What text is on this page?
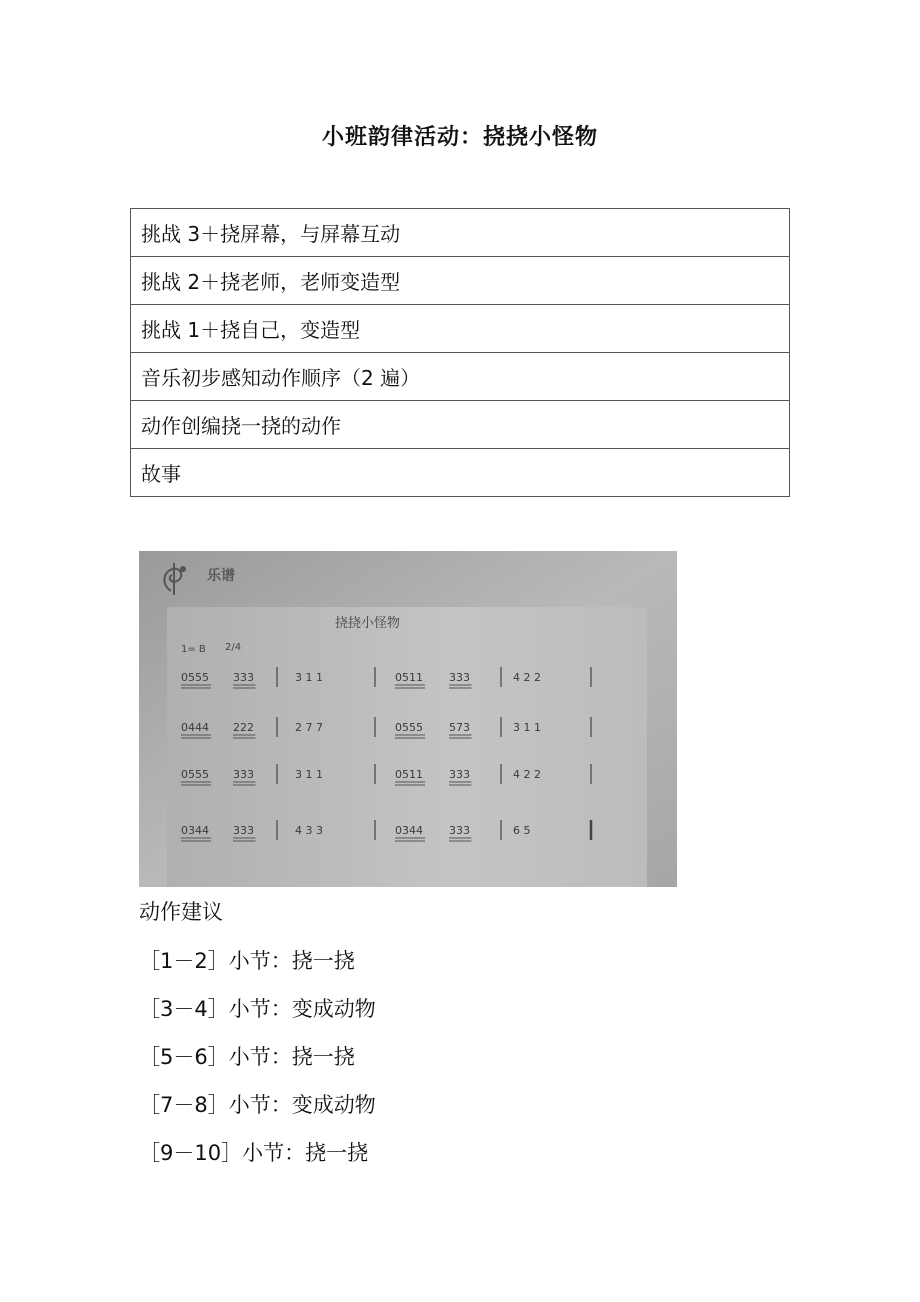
小班韵律活动：挠挠小怪物
挑战 3＋挠屏幕，与屏幕互动
挑战 2＋挠老师，老师变造型
挑战 1＋挠自己，变造型
音乐初步感知动作顺序（2 遍）
动作创编挠一挠的动作
故事
乐谱
挠挠小怪物
1= B 2/4
0555 333	3 1 1	0511 333	4 2 2
0444 222	2 7 7	0555 573	3 1 1
0555 333	3 1 1	0511 333	4 2 2
0344 333	4 3 3	0344 333	6 5
动作建议
［1－2］小节：挠一挠
［3－4］小节：变成动物
［5－6］小节：挠一挠
［7－8］小节：变成动物
［9－10］小节：挠一挠
